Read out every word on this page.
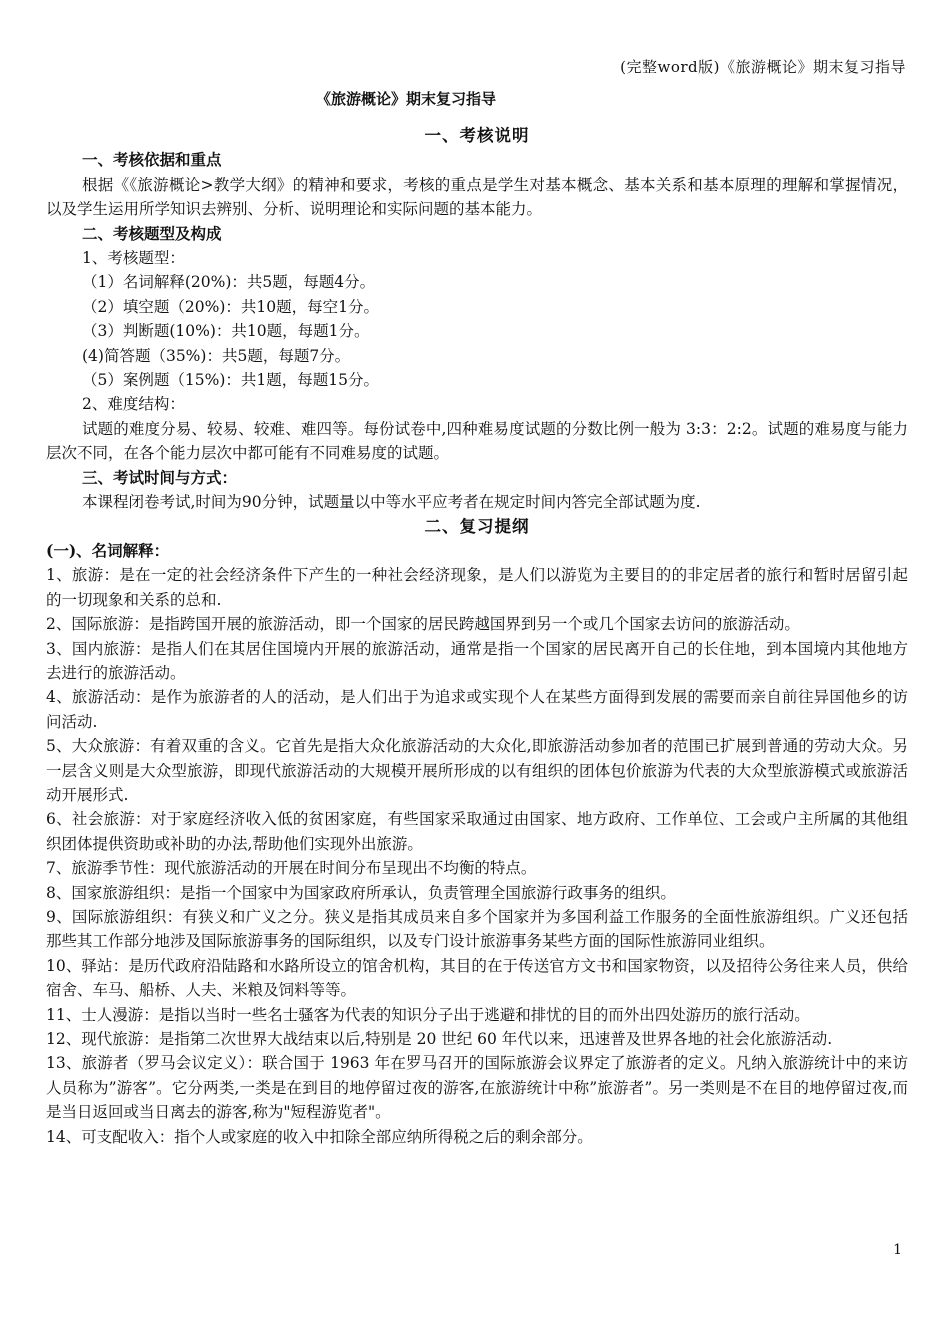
(完整word版)《旅游概论》期末复习指导
《旅游概论》期末复习指导

一、考核说明

一、考核依据和重点

根据《《旅游概论>教学大纲》的精神和要求，考核的重点是学生对基本概念、基本关系和基本原理的理解和掌握情况，以及学生运用所学知识去辨别、分析、说明理论和实际问题的基本能力。

二、考核题型及构成

1、考核题型：

（1）名词解释(20%)：共5题，每题4分。

（2）填空题（20%)：共10题，每空1分。

（3）判断题(10%)：共10题，每题1分。

(4)简答题（35%)：共5题，每题7分。

（5）案例题（15%)：共1题，每题15分。

2、难度结构：

试题的难度分易、较易、较难、难四等。每份试卷中,四种难易度试题的分数比例一般为 3:3：2:2。试题的难易度与能力层次不同，在各个能力层次中都可能有不同难易度的试题。

三、考试时间与方式：

本课程闭卷考试,时间为90分钟，试题量以中等水平应考者在规定时间内答完全部试题为度.

二、复习提纲

(一)、名词解释：

1、旅游：是在一定的社会经济条件下产生的一种社会经济现象，是人们以游览为主要目的的非定居者的旅行和暂时居留引起的一切现象和关系的总和.

2、国际旅游：是指跨国开展的旅游活动，即一个国家的居民跨越国界到另一个或几个国家去访问的旅游活动。

3、国内旅游：是指人们在其居住国境内开展的旅游活动，通常是指一个国家的居民离开自己的长住地，到本国境内其他地方去进行的旅游活动。

4、旅游活动：是作为旅游者的人的活动，是人们出于为追求或实现个人在某些方面得到发展的需要而亲自前往异国他乡的访问活动.

5、大众旅游：有着双重的含义。它首先是指大众化旅游活动的大众化,即旅游活动参加者的范围已扩展到普通的劳动大众。另一层含义则是大众型旅游，即现代旅游活动的大规模开展所形成的以有组织的团体包价旅游为代表的大众型旅游模式或旅游活动开展形式.

6、社会旅游：对于家庭经济收入低的贫困家庭，有些国家采取通过由国家、地方政府、工作单位、工会或户主所属的其他组织团体提供资助或补助的办法,帮助他们实现外出旅游。

7、旅游季节性：现代旅游活动的开展在时间分布呈现出不均衡的特点。

8、国家旅游组织：是指一个国家中为国家政府所承认，负责管理全国旅游行政事务的组织。

9、国际旅游组织：有狭义和广义之分。狭义是指其成员来自多个国家并为多国利益工作服务的全面性旅游组织。广义还包括那些其工作部分地涉及国际旅游事务的国际组织，以及专门设计旅游事务某些方面的国际性旅游同业组织。

10、驿站：是历代政府沿陆路和水路所设立的馆舍机构，其目的在于传送官方文书和国家物资，以及招待公务往来人员，供给宿舍、车马、船桥、人夫、米粮及饲料等等。

11、士人漫游：是指以当时一些名士骚客为代表的知识分子出于逃避和排忧的目的而外出四处游历的旅行活动。

12、现代旅游：是指第二次世界大战结束以后,特别是 20 世纪 60 年代以来，迅速普及世界各地的社会化旅游活动.

13、旅游者（罗马会议定义）：联合国于 1963 年在罗马召开的国际旅游会议界定了旅游者的定义。凡纳入旅游统计中的来访人员称为”游客”。它分两类,一类是在到目的地停留过夜的游客,在旅游统计中称”旅游者”。另一类则是不在目的地停留过夜,而是当日返回或当日离去的游客,称为"短程游览者"。

14、可支配收入：指个人或家庭的收入中扣除全部应纳所得税之后的剩余部分。

1
